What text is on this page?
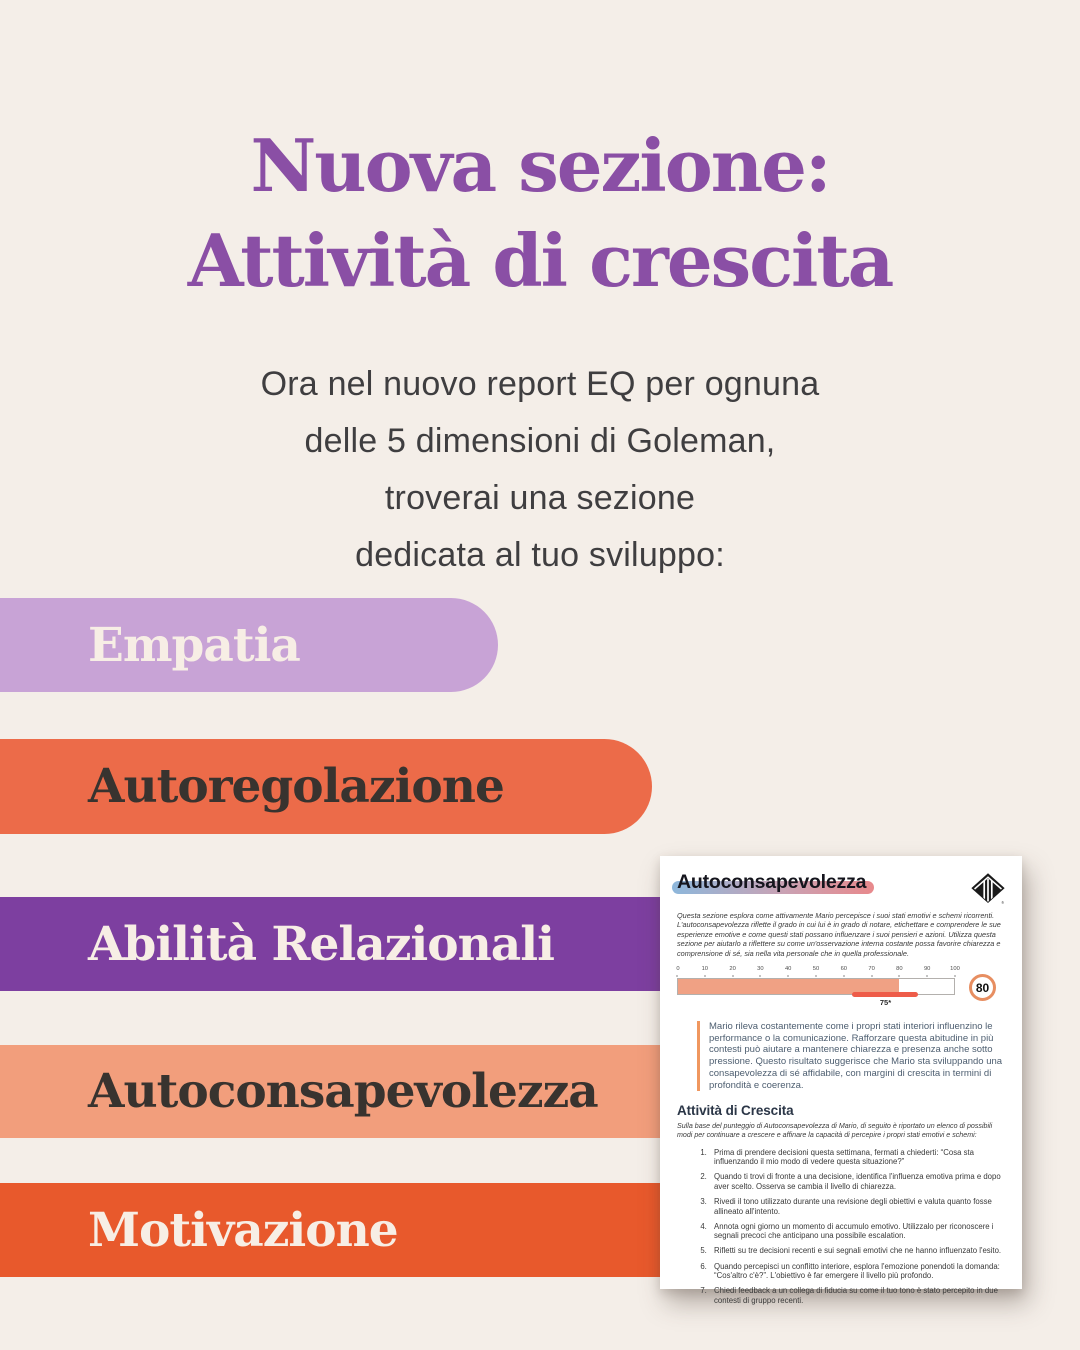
Nuova sezione:
Attività di crescita
Ora nel nuovo report EQ per ognuna
delle 5 dimensioni di Goleman,
troverai una sezione
dedicata al tuo sviluppo:
Empatia
Autoregolazione
Abilità Relazionali
Autoconsapevolezza
Motivazione
Autoconsapevolezza
®

Questa sezione esplora come attivamente Mario percepisce i suoi stati emotivi e schemi ricorrenti. L'autoconsapevolezza riflette il grado in cui lui è in grado di notare, etichettare e comprendere le sue esperienze emotive e come questi stati possano influenzare i suoi pensieri e azioni. Utilizza questa sezione per aiutarlo a riflettere su come un'osservazione interna costante possa favorire chiarezza e comprensione di sé, sia nella vita personale che in quella professionale.

0	10	20	30	40	50	60	70	80	90	100
75*
80

Mario rileva costantemente come i propri stati interiori influenzino le performance o la comunicazione. Rafforzare questa abitudine in più contesti può aiutare a mantenere chiarezza e presenza anche sotto pressione. Questo risultato suggerisce che Mario sta sviluppando una consapevolezza di sé affidabile, con margini di crescita in termini di profondità e coerenza.

Attività di Crescita

Sulla base del punteggio di Autoconsapevolezza di Mario, di seguito è riportato un elenco di possibili modi per continuare a crescere e affinare la capacità di percepire i propri stati emotivi e schemi:

1. Prima di prendere decisioni questa settimana, fermati a chiederti: “Cosa sta influenzando il mio modo di vedere questa situazione?”
2. Quando ti trovi di fronte a una decisione, identifica l'influenza emotiva prima e dopo aver scelto. Osserva se cambia il livello di chiarezza.
3. Rivedi il tono utilizzato durante una revisione degli obiettivi e valuta quanto fosse allineato all'intento.
4. Annota ogni giorno un momento di accumulo emotivo. Utilizzalo per riconoscere i segnali precoci che anticipano una possibile escalation.
5. Rifletti su tre decisioni recenti e sui segnali emotivi che ne hanno influenzato l'esito.
6. Quando percepisci un conflitto interiore, esplora l'emozione ponendoti la domanda: “Cos'altro c'è?”. L'obiettivo è far emergere il livello più profondo.
7. Chiedi feedback a un collega di fiducia su come il tuo tono è stato percepito in due contesti di gruppo recenti.
